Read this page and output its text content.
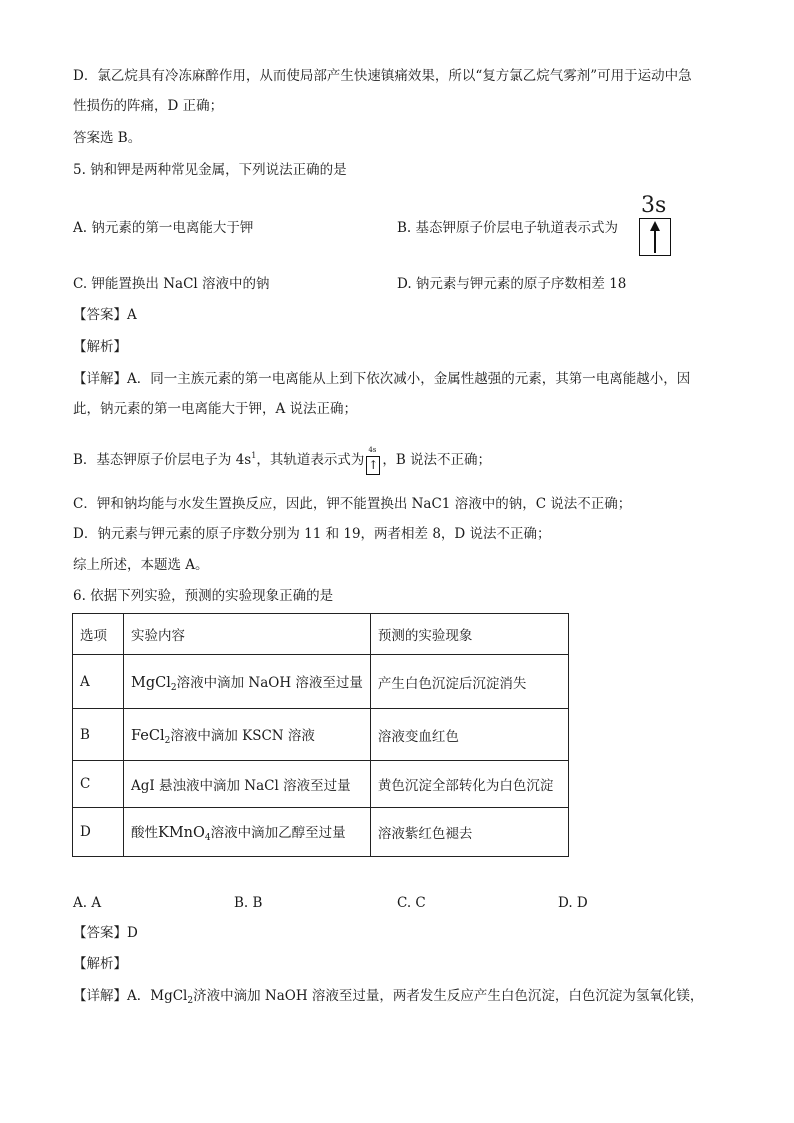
D．氯乙烷具有冷冻麻醉作用，从而使局部产生快速镇痛效果，所以“复方氯乙烷气雾剂”可用于运动中急
性损伤的阵痛，D 正确；
答案选 B。
5. 钠和钾是两种常见金属，下列说法正确的是
A. 钠元素的第一电离能大于钾	B. 基态钾原子价层电子轨道表示式为
3s
C. 钾能置换出 NaCl 溶液中的钠	D. 钠元素与钾元素的原子序数相差 18
【答案】A
【解析】
【详解】A．同一主族元素的第一电离能从上到下依次减小，金属性越强的元素，其第一电离能越小，因
此，钠元素的第一电离能大于钾，A 说法正确；
B．基态钾原子价层电子为 $4s^1$，其轨道表示式为
4s
↑ ，B 说法不正确；
C．钾和钠均能与水发生置换反应，因此，钾不能置换出 NaC1 溶液中的钠，C 说法不正确；
D．钠元素与钾元素的原子序数分别为 11 和 19，两者相差 8，D 说法不正确；
综上所述，本题选 A。
6. 依据下列实验，预测的实验现象正确的是
选项	实验内容	预测的实验现象
A	MgCl$_2$溶液中滴加 NaOH 溶液至过量	产生白色沉淀后沉淀消失
B	FeCl$_2$溶液中滴加 KSCN 溶液	溶液变血红色
C	AgI 悬浊液中滴加 NaCl 溶液至过量	黄色沉淀全部转化为白色沉淀
D	酸性KMnO$_4$溶液中滴加乙醇至过量	溶液紫红色褪去
A. A	B. B	C. C	D. D
【答案】D
【解析】
【详解】A．MgCl$_2$济液中滴加 NaOH 溶液至过量，两者发生反应产生白色沉淀，白色沉淀为氢氧化镁，
